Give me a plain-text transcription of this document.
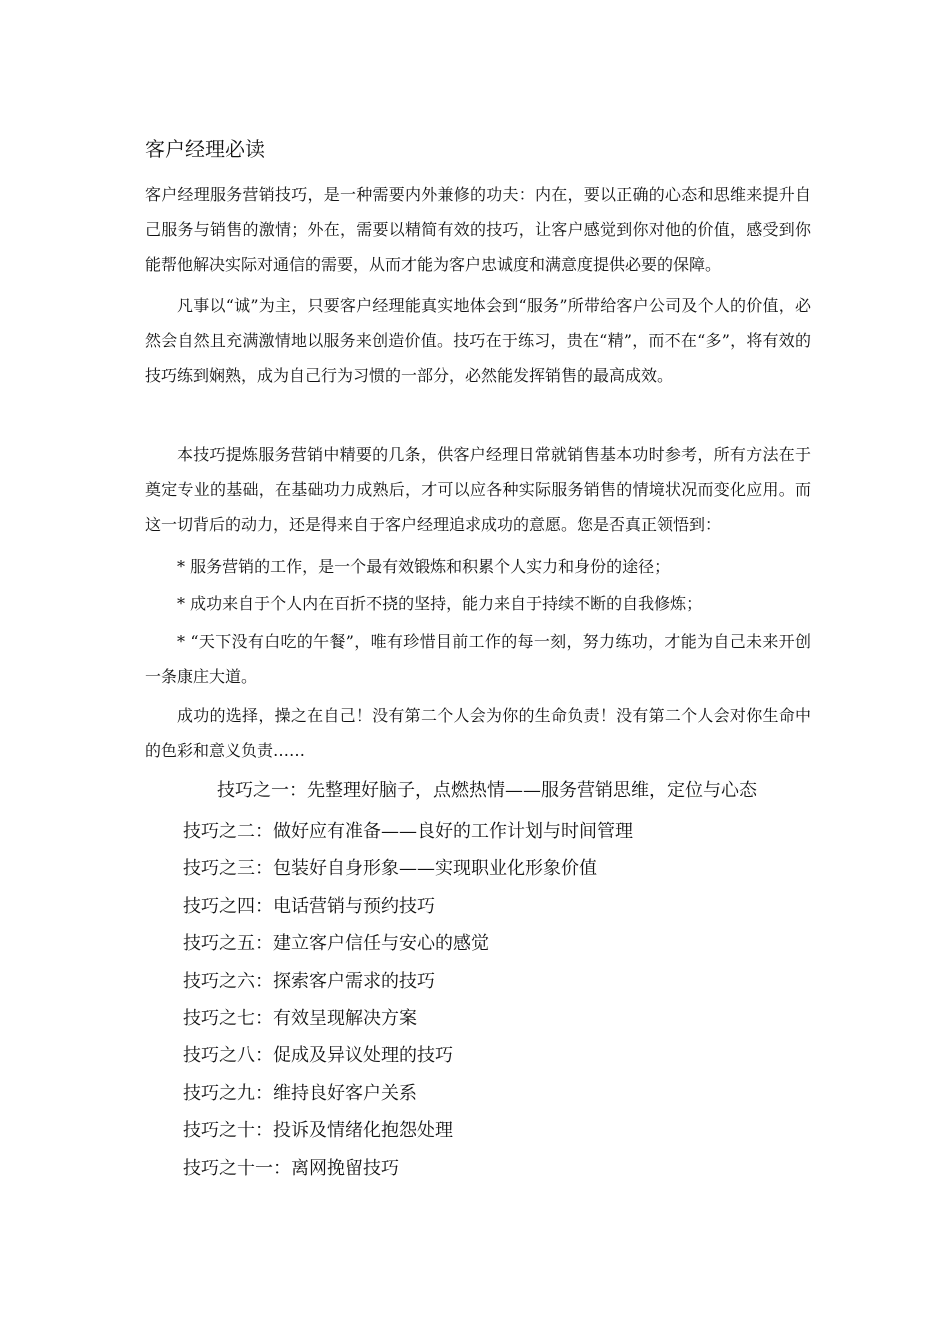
客户经理必读
客户经理服务营销技巧，是一种需要内外兼修的功夫：内在，要以正确的心态和思维来提升自己服务与销售的激情；外在，需要以精简有效的技巧，让客户感觉到你对他的价值，感受到你能帮他解决实际对通信的需要，从而才能为客户忠诚度和满意度提供必要的保障。
凡事以“诚”为主，只要客户经理能真实地体会到“服务”所带给客户公司及个人的价值，必然会自然且充满激情地以服务来创造价值。技巧在于练习，贵在“精”，而不在“多”，将有效的技巧练到娴熟，成为自己行为习惯的一部分，必然能发挥销售的最高成效。
本技巧提炼服务营销中精要的几条，供客户经理日常就销售基本功时参考，所有方法在于奠定专业的基础，在基础功力成熟后，才可以应各种实际服务销售的情境状况而变化应用。而这一切背后的动力，还是得来自于客户经理追求成功的意愿。您是否真正领悟到：
* 服务营销的工作，是一个最有效锻炼和积累个人实力和身份的途径；
* 成功来自于个人内在百折不挠的坚持，能力来自于持续不断的自我修炼；
* “天下没有白吃的午餐”，唯有珍惜目前工作的每一刻，努力练功，才能为自己未来开创一条康庄大道。
成功的选择，操之在自己！没有第二个人会为你的生命负责！没有第二个人会对你生命中的色彩和意义负责……
技巧之一：先整理好脑子，点燃热情——服务营销思维，定位与心态
技巧之二：做好应有准备——良好的工作计划与时间管理
技巧之三：包装好自身形象——实现职业化形象价值
技巧之四：电话营销与预约技巧
技巧之五：建立客户信任与安心的感觉
技巧之六：探索客户需求的技巧
技巧之七：有效呈现解决方案
技巧之八：促成及异议处理的技巧
技巧之九：维持良好客户关系
技巧之十：投诉及情绪化抱怨处理
技巧之十一：离网挽留技巧
